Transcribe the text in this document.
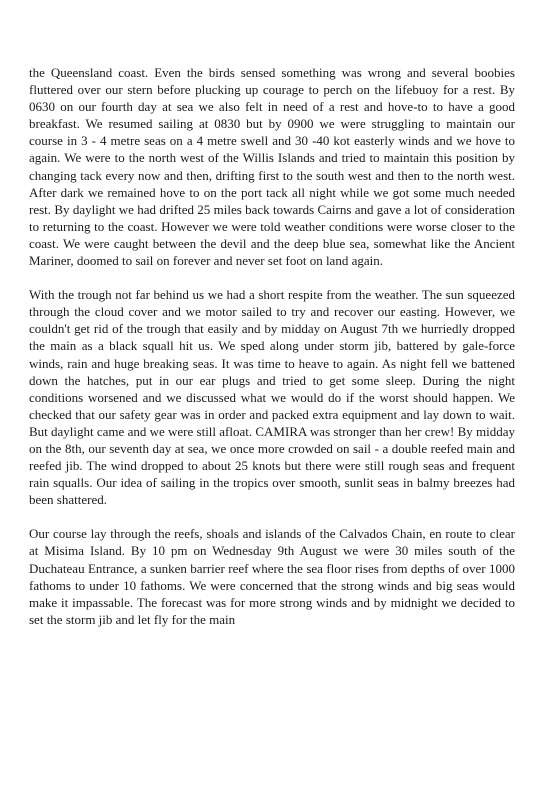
the Queensland coast. Even the birds sensed something was wrong and several boobies fluttered over our stern before plucking up courage to perch on the lifebuoy for a rest. By 0630 on our fourth day at sea we also felt in need of a rest and hove-to to have a good breakfast. We resumed sailing at 0830 but by 0900 we were struggling to maintain our course in 3 - 4 metre seas on a 4 metre swell and 30 -40 kot easterly winds and we hove to again. We were to the north west of the Willis Islands and tried to maintain this position by changing tack every now and then, drifting first to the south west and then to the north west. After dark we remained hove to on the port tack all night while we got some much needed rest. By daylight we had drifted 25 miles back towards Cairns and gave a lot of consideration to returning to the coast. However we were told weather conditions were worse closer to the coast. We were caught between the devil and the deep blue sea, somewhat like the Ancient Mariner, doomed to sail on forever and never set foot on land again.

With the trough not far behind us we had a short respite from the weather. The sun squeezed through the cloud cover and we motor sailed to try and recover our easting. However, we couldn't get rid of the trough that easily and by midday on August 7th we hurriedly dropped the main as a black squall hit us. We sped along under storm jib, battered by gale-force winds, rain and huge breaking seas. It was time to heave to again. As night fell we battened down the hatches, put in our ear plugs and tried to get some sleep. During the night conditions worsened and we discussed what we would do if the worst should happen. We checked that our safety gear was in order and packed extra equipment and lay down to wait. But daylight came and we were still afloat. CAMIRA was stronger than her crew! By midday on the 8th, our seventh day at sea, we once more crowded on sail - a double reefed main and reefed jib. The wind dropped to about 25 knots but there were still rough seas and frequent rain squalls. Our idea of sailing in the tropics over smooth, sunlit seas in balmy breezes had been shattered.

Our course lay through the reefs, shoals and islands of the Calvados Chain, en route to clear at Misima Island. By 10 pm on Wednesday 9th August we were 30 miles south of the Duchateau Entrance, a sunken barrier reef where the sea floor rises from depths of over 1000 fathoms to under 10 fathoms. We were concerned that the strong winds and big seas would make it impassable. The forecast was for more strong winds and by midnight we decided to set the storm jib and let fly for the main
